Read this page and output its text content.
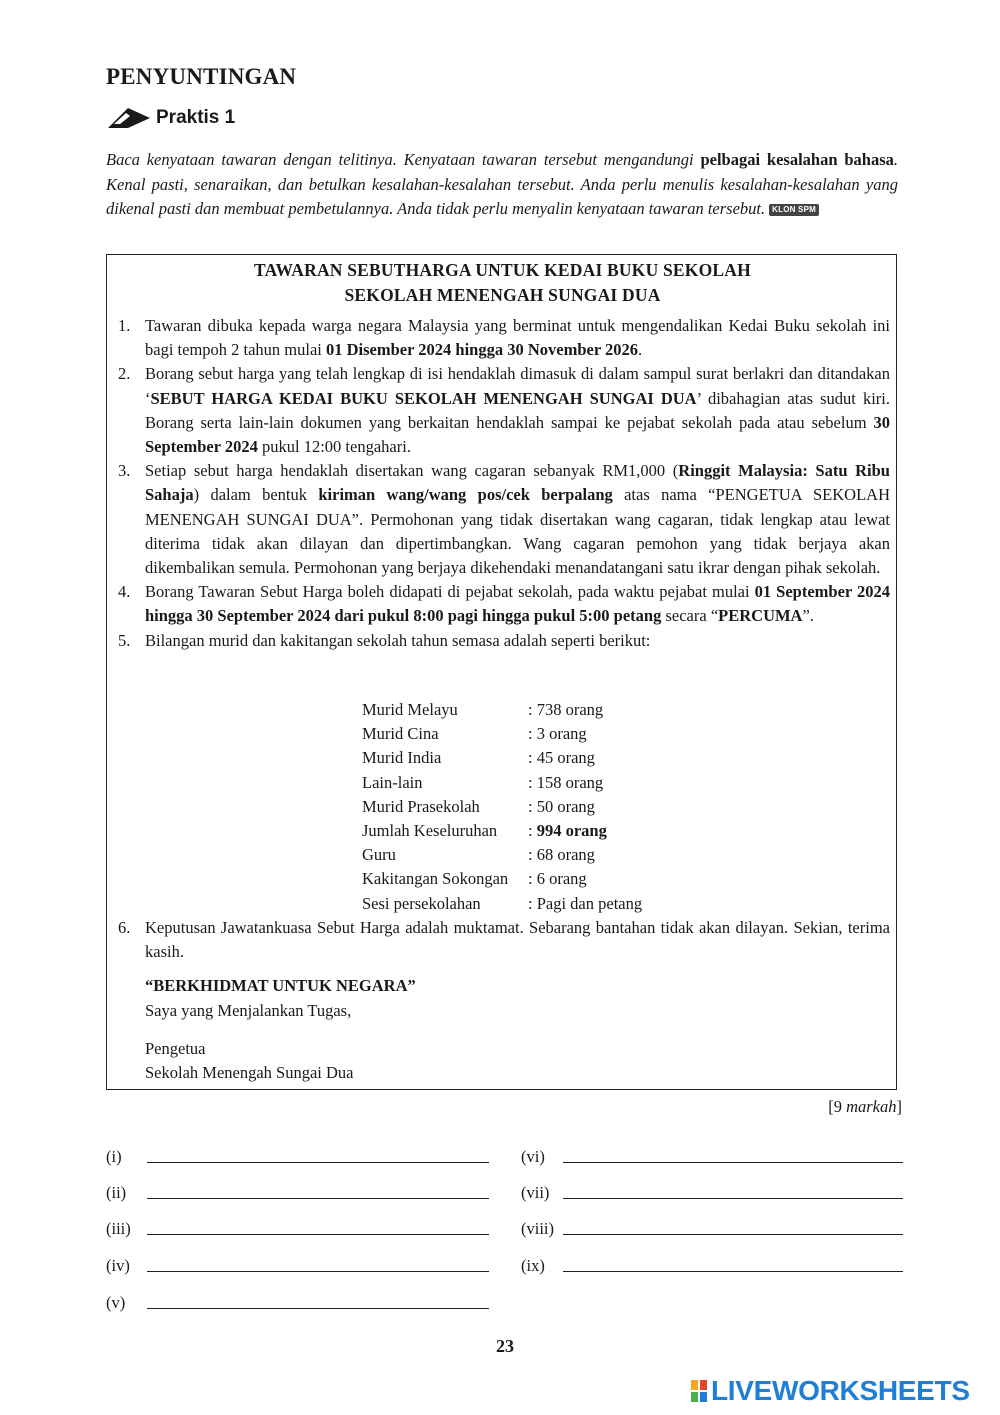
PENYUNTINGAN
Praktis 1
Baca kenyataan tawaran dengan telitinya. Kenyataan tawaran tersebut mengandungi pelbagai kesalahan bahasa. Kenal pasti, senaraikan, dan betulkan kesalahan-kesalahan tersebut. Anda perlu menulis kesalahan-kesalahan yang dikenal pasti dan membuat pembetulannya. Anda tidak perlu menyalin kenyataan tawaran tersebut. KLON SPM
TAWARAN SEBUTHARGA UNTUK KEDAI BUKU SEKOLAH
SEKOLAH MENENGAH SUNGAI DUA
1. Tawaran dibuka kepada warga negara Malaysia yang berminat untuk mengendalikan Kedai Buku sekolah ini bagi tempoh 2 tahun mulai 01 Disember 2024 hingga 30 November 2026.
2. Borang sebut harga yang telah lengkap di isi hendaklah dimasuk di dalam sampul surat berlakri dan ditandakan ‘SEBUT HARGA KEDAI BUKU SEKOLAH MENENGAH SUNGAI DUA’ dibahagian atas sudut kiri. Borang serta lain-lain dokumen yang berkaitan hendaklah sampai ke pejabat sekolah pada atau sebelum 30 September 2024 pukul 12:00 tengahari.
3. Setiap sebut harga hendaklah disertakan wang cagaran sebanyak RM1,000 (Ringgit Malaysia: Satu Ribu Sahaja) dalam bentuk kiriman wang/wang pos/cek berpalang atas nama “PENGETUA SEKOLAH MENENGAH SUNGAI DUA”. Permohonan yang tidak disertakan wang cagaran, tidak lengkap atau lewat diterima tidak akan dilayan dan dipertimbangkan. Wang cagaran pemohon yang tidak berjaya akan dikembalikan semula. Permohonan yang berjaya dikehendaki menandatangani satu ikrar dengan pihak sekolah.
4. Borang Tawaran Sebut Harga boleh didapati di pejabat sekolah, pada waktu pejabat mulai 01 September 2024 hingga 30 September 2024 dari pukul 8:00 pagi hingga pukul 5:00 petang secara “PERCUMA”.
5. Bilangan murid dan kakitangan sekolah tahun semasa adalah seperti berikut:
Murid Melayu	: 738 orang
Murid Cina	: 3 orang
Murid India	: 45 orang
Lain-lain	: 158 orang
Murid Prasekolah	: 50 orang
Jumlah Keseluruhan	: 994 orang
Guru	: 68 orang
Kakitangan Sokongan	: 6 orang
Sesi persekolahan	: Pagi dan petang
6. Keputusan Jawatankuasa Sebut Harga adalah muktamat. Sebarang bantahan tidak akan dilayan. Sekian, terima kasih.
“BERKHIDMAT UNTUK NEGARA”
Saya yang Menjalankan Tugas,
Pengetua
Sekolah Menengah Sungai Dua
[9 markah]
(i)
(ii)
(iii)
(iv)
(v)
(vi)
(vii)
(viii)
(ix)
23
LIVEWORKSHEETS
